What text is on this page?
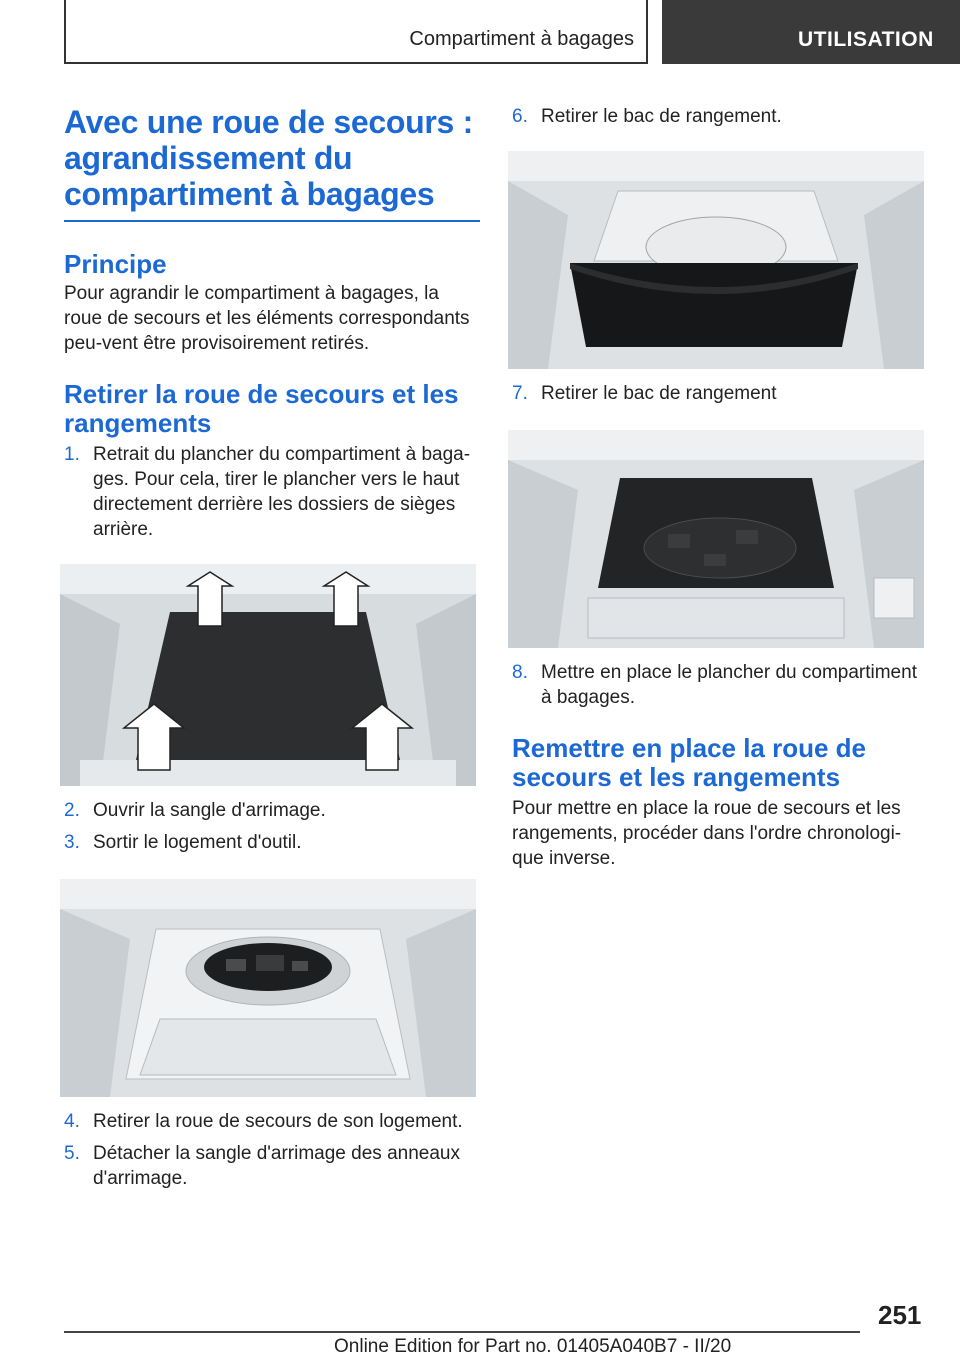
Compartiment à bagages	UTILISATION
Avec une roue de secours : agrandissement du compartiment à bagages
Principe

Pour agrandir le compartiment à bagages, la roue de secours et les éléments correspondants peu-vent être provisoirement retirés.

Retirer la roue de secours et les rangements
1. Retrait du plancher du compartiment à baga-ges. Pour cela, tirer le plancher vers le haut directement derrière les dossiers de sièges arrière.
2. Ouvrir la sangle d'arrimage.
3. Sortir le logement d'outil.
4. Retirer la roue de secours de son logement.
5. Détacher la sangle d'arrimage des anneaux d'arrimage.
6. Retirer le bac de rangement.
7. Retirer le bac de rangement
8. Mettre en place le plancher du compartiment à bagages.
Remettre en place la roue de secours et les rangements

Pour mettre en place la roue de secours et les rangements, procéder dans l'ordre chronologi-que inverse.

251
Online Edition for Part no. 01405A040B7 - II/20
